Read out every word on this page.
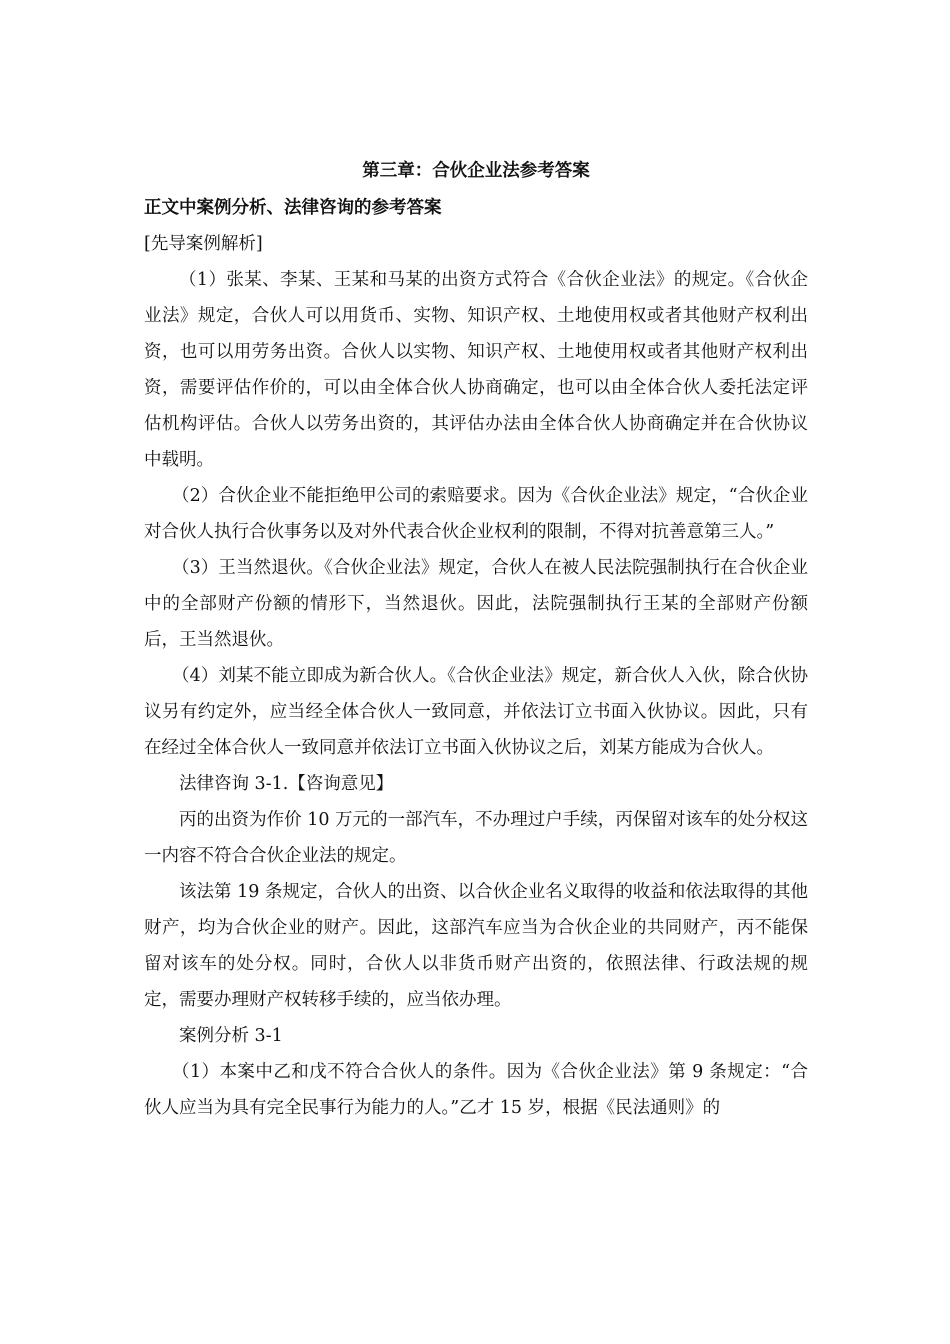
第三章：合伙企业法参考答案
正文中案例分析、法律咨询的参考答案
[先导案例解析]

（1）张某、李某、王某和马某的出资方式符合《合伙企业法》的规定。《合伙企业法》规定，合伙人可以用货币、实物、知识产权、土地使用权或者其他财产权利出资，也可以用劳务出资。合伙人以实物、知识产权、土地使用权或者其他财产权利出资，需要评估作价的，可以由全体合伙人协商确定，也可以由全体合伙人委托法定评估机构评估。合伙人以劳务出资的，其评估办法由全体合伙人协商确定并在合伙协议中载明。

（2）合伙企业不能拒绝甲公司的索赔要求。因为《合伙企业法》规定，“合伙企业对合伙人执行合伙事务以及对外代表合伙企业权利的限制，不得对抗善意第三人。”

（3）王当然退伙。《合伙企业法》规定，合伙人在被人民法院强制执行在合伙企业中的全部财产份额的情形下，当然退伙。因此，法院强制执行王某的全部财产份额后，王当然退伙。

（4）刘某不能立即成为新合伙人。《合伙企业法》规定，新合伙人入伙，除合伙协议另有约定外，应当经全体合伙人一致同意，并依法订立书面入伙协议。因此，只有在经过全体合伙人一致同意并依法订立书面入伙协议之后，刘某方能成为合伙人。

法律咨询 3-1.【咨询意见】

丙的出资为作价 10 万元的一部汽车，不办理过户手续，丙保留对该车的处分权这一内容不符合合伙企业法的规定。

该法第 19 条规定，合伙人的出资、以合伙企业名义取得的收益和依法取得的其他财产，均为合伙企业的财产。因此，这部汽车应当为合伙企业的共同财产，丙不能保留对该车的处分权。同时，合伙人以非货币财产出资的，依照法律、行政法规的规定，需要办理财产权转移手续的，应当依办理。

案例分析 3-1

（1）本案中乙和戊不符合合伙人的条件。因为《合伙企业法》第 9 条规定：“合伙人应当为具有完全民事行为能力的人。”乙才 15 岁，根据《民法通则》的
